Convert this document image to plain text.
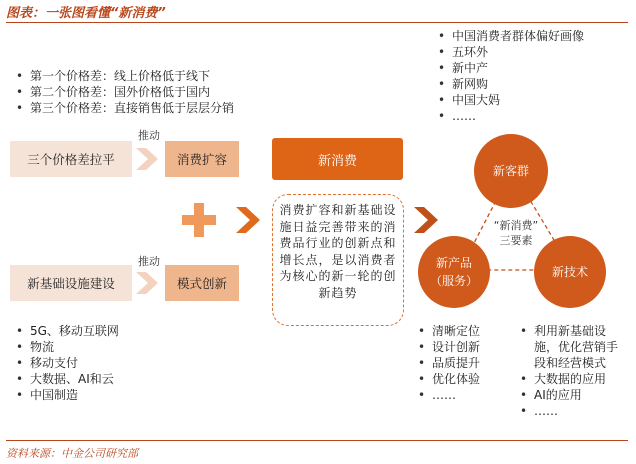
图表：一张图看懂“新消费”
• 第一个价格差：线上价格低于线下
• 第二个价格差：国外价格低于国内
• 第三个价格差：直接销售低于层层分销
• 中国消费者群体偏好画像
• 五环外
• 新中产
• 新网购
• 中国大妈
• ……
三个价格差拉平
推动
消费扩容	新消费
消费扩容和新基础设施日益完善带来的消费品行业的创新点和增长点，是以消费者为核心的新一轮的创新趋势
新基础设施建设
推动
模式创新
• 5G、移动互联网
• 物流
• 移动支付
• 大数据、AI和云
• 中国制造
新客群
新产品
（服务）
新技术
“新消费”
三要素
• 清晰定位
• 设计创新
• 品质提升
• 优化体验
• ……
• 利用新基础设施，优化营销手段和经营模式
• 大数据的应用
• AI的应用
• ……
资料来源：中金公司研究部
